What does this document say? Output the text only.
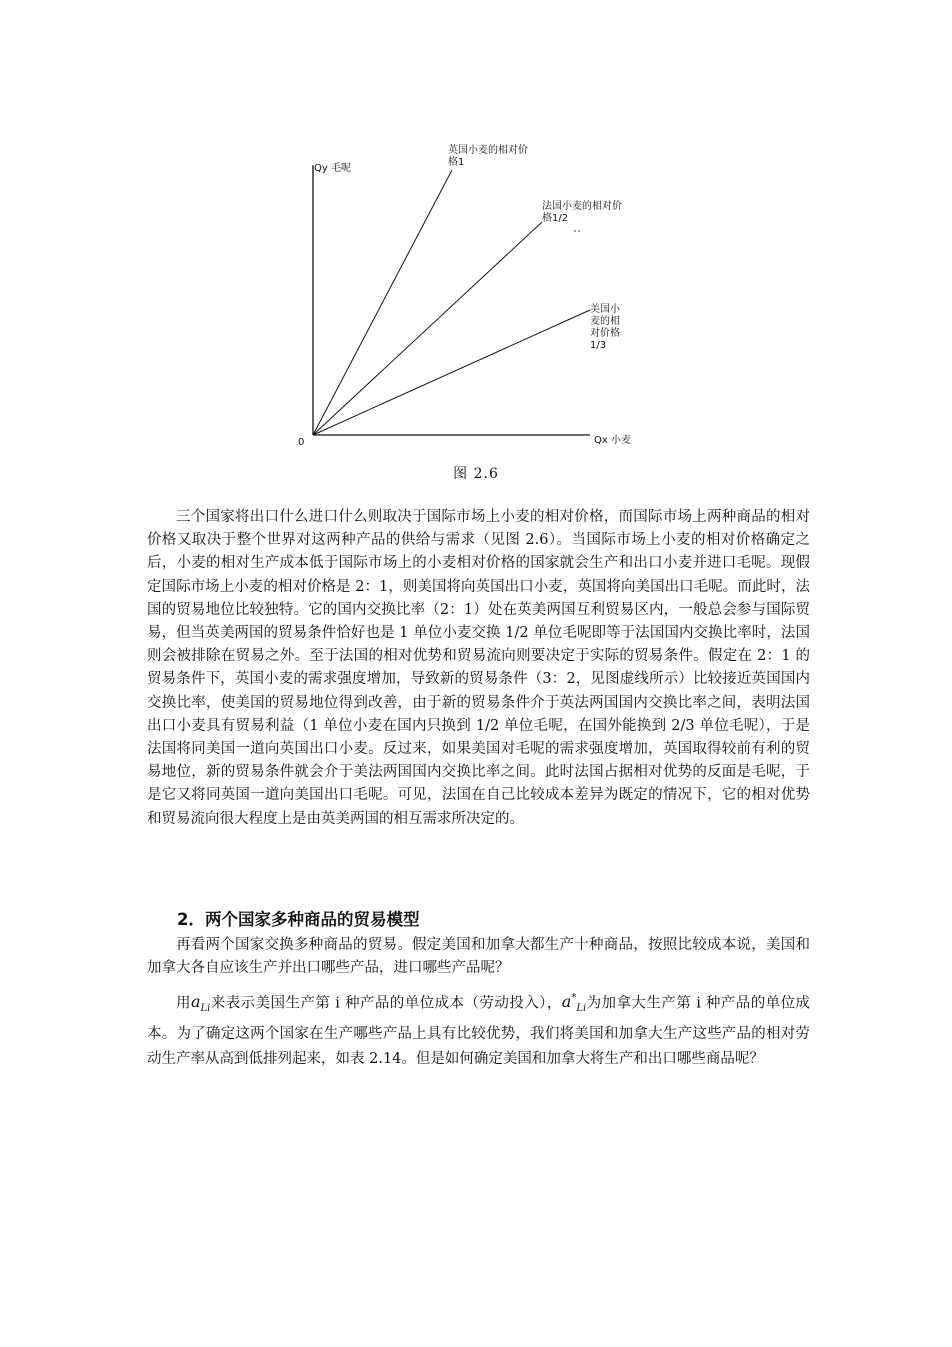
Qy 毛呢
Qx 小麦
0
英国小麦的相对价
格1
法国小麦的相对价
格1/2
美国小
麦的相
对价格
1/3
图 2.6

三个国家将出口什么进口什么则取决于国际市场上小麦的相对价格，而国际市场上两种商品的相对价格又取决于整个世界对这两种产品的供给与需求（见图 2.6）。当国际市场上小麦的相对价格确定之后，小麦的相对生产成本低于国际市场上的小麦相对价格的国家就会生产和出口小麦并进口毛呢。现假定国际市场上小麦的相对价格是 2：1，则美国将向英国出口小麦，英国将向美国出口毛呢。而此时，法国的贸易地位比较独特。它的国内交换比率（2：1）处在英美两国互利贸易区内，一般总会参与国际贸易，但当英美两国的贸易条件恰好也是 1 单位小麦交换 1/2 单位毛呢即等于法国国内交换比率时，法国则会被排除在贸易之外。至于法国的相对优势和贸易流向则要决定于实际的贸易条件。假定在 2：1 的贸易条件下，英国小麦的需求强度增加，导致新的贸易条件（3：2，见图虚线所示）比较接近英国国内交换比率，使美国的贸易地位得到改善，由于新的贸易条件介于英法两国国内交换比率之间，表明法国出口小麦具有贸易利益（1 单位小麦在国内只换到 1/2 单位毛呢，在国外能换到 2/3 单位毛呢），于是法国将同美国一道向英国出口小麦。反过来，如果美国对毛呢的需求强度增加，英国取得较前有利的贸易地位，新的贸易条件就会介于美法两国国内交换比率之间。此时法国占据相对优势的反面是毛呢，于是它又将同英国一道向美国出口毛呢。可见，法国在自己比较成本差异为既定的情况下，它的相对优势和贸易流向很大程度上是由英美两国的相互需求所决定的。

2．两个国家多种商品的贸易模型

再看两个国家交换多种商品的贸易。假定美国和加拿大都生产十种商品，按照比较成本说，美国和加拿大各自应该生产并出口哪些产品，进口哪些产品呢？

用$a_{Li}$来表示美国生产第 i 种产品的单位成本（劳动投入），$a^*_{Li}$为加拿大生产第 i 种产品的单位成本。为了确定这两个国家在生产哪些产品上具有比较优势，我们将美国和加拿大生产这些产品的相对劳动生产率从高到低排列起来，如表 2.14。但是如何确定美国和加拿大将生产和出口哪些商品呢？
